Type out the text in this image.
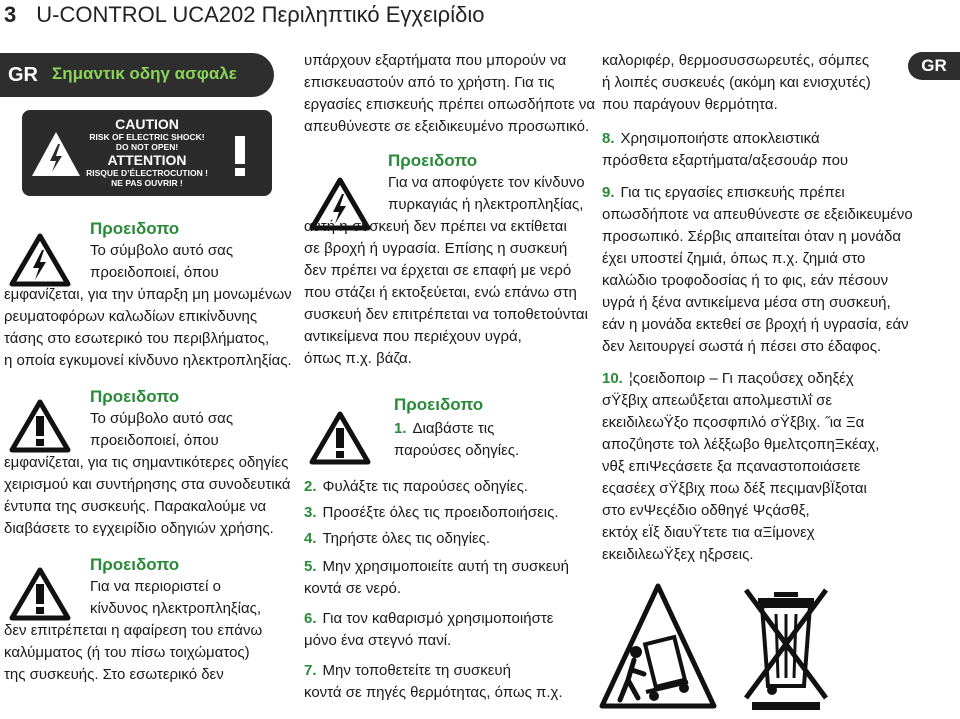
3 U-CONTROL UCA202 Περιληπτικό Εγχειρίδιο
GR Σημαντικ οδηγ ασφαλε
CAUTION
RISK OF ELECTRIC SHOCK!
DO NOT OPEN!
ATTENTION
RISQUE D’ÉLECTROCUTION !
NE PAS OUVRIR !
Προειδοπο
Το σύμβολο αυτό σας
προειδοποιεί, όπου
εμφανίζεται, για την ύπαρξη μη μονωμένων
ρευματοφόρων καλωδίων επικίνδυνης
τάσης στο εσωτερικό του περιβλήματος,
η οποία εγκυμονεί κίνδυνο ηλεκτροπληξίας.
Προειδοπο
Το σύμβολο αυτό σας
προειδοποιεί, όπου
εμφανίζεται, για τις σημαντικότερες οδηγίες
χειρισμού και συντήρησης στα συνοδευτικά
έντυπα της συσκευής. Παρακαλούμε να
διαβάσετε το εγχειρίδιο οδηγιών χρήσης.
Προειδοπο
Για να περιοριστεί ο
κίνδυνος ηλεκτροπληξίας,
δεν επιτρέπεται η αφαίρεση του επάνω
καλύμματος (ή του πίσω τοιχώματος)
της συσκευής. Στο εσωτερικό δεν
υπάρχουν εξαρτήματα που μπορούν να
επισκευαστούν από το χρήστη. Για τις
εργασίες επισκευής πρέπει οπωσδήποτε να
απευθύνεστε σε εξειδικευμένο προσωπικό.
Προειδοπο
Για να αποφύγετε τον κίνδυνο
πυρκαγιάς ή ηλεκτροπληξίας,
αυτή η συσκευή δεν πρέπει να εκτίθεται
σε βροχή ή υγρασία. Επίσης η συσκευή
δεν πρέπει να έρχεται σε επαφή με νερό
που στάζει ή εκτοξεύεται, ενώ επάνω στη
συσκευή δεν επιτρέπεται να τοποθετούνται
αντικείμενα που περιέχουν υγρά,
όπως π.χ. βάζα.
Προειδοπο
1. Διαβάστε τις
παρούσες οδηγίες.
2. Φυλάξτε τις παρούσες οδηγίες.
3. Προσέξτε όλες τις προειδοποιήσεις.
4. Τηρήστε όλες τις οδηγίες.
5. Μην χρησιμοποιείτε αυτή τη συσκευή
κοντά σε νερό.
6. Για τον καθαρισμό χρησιμοποιήστε
μόνο ένα στεγνό πανί.
7. Μην τοποθετείτε τη συσκευή
κοντά σε πηγές θερμότητας, όπως π.χ.
GR
καλοριφέρ, θερμοσυσσωρευτές, σόμπες
ή λοιπές συσκευές (ακόμη και ενισχυτές)
που παράγουν θερμότητα.
8. Χρησιμοποιήστε αποκλειστικά
πρόσθετα εξαρτήματα/αξεσουάρ που
9. Για τις εργασίες επισκευής πρέπει
οπωσδήποτε να απευθύνεστε σε εξειδικευμένο
προσωπικό. Σέρβις απαιτείται όταν η μονάδα
έχει υποστεί ζημιά, όπως π.χ. ζημιά στο
καλώδιο τροφοδοσίας ή το φις, εάν πέσουν
υγρά ή ξένα αντικείμενα μέσα στη συσκευή,
εάν η μονάδα εκτεθεί σε βροχή ή υγρασία, εάν
δεν λειτουργεί σωστά ή πέσει στο έδαφος.
10. ¦ςοειδοποιρ – Γι πaςοΰσεχ οδηξέχ
σΫξβιχ απεωΰξεται απολμεστιλΐ σε
εκειδιλεωΫξο πςοσφπιλό σΫξβιχ. ˝ια Ξα
αποζΰηστε τολ λέξξωβο θμελτςοπηΞκέαχ,
νθξ επιΨεςάσετε ξα πςαναστοποιάσετε
εςασέεχ σΫξβιχ ποω δέξ πεςιμανβΪξοται
στο ενΨεςέδιο οδθηγέ Ψςάσθξ,
εκτόχ εΪξ διαυΫτετε τια αΞίμονεχ
εκειδιλεωΫξεχ ηξρσεις.
